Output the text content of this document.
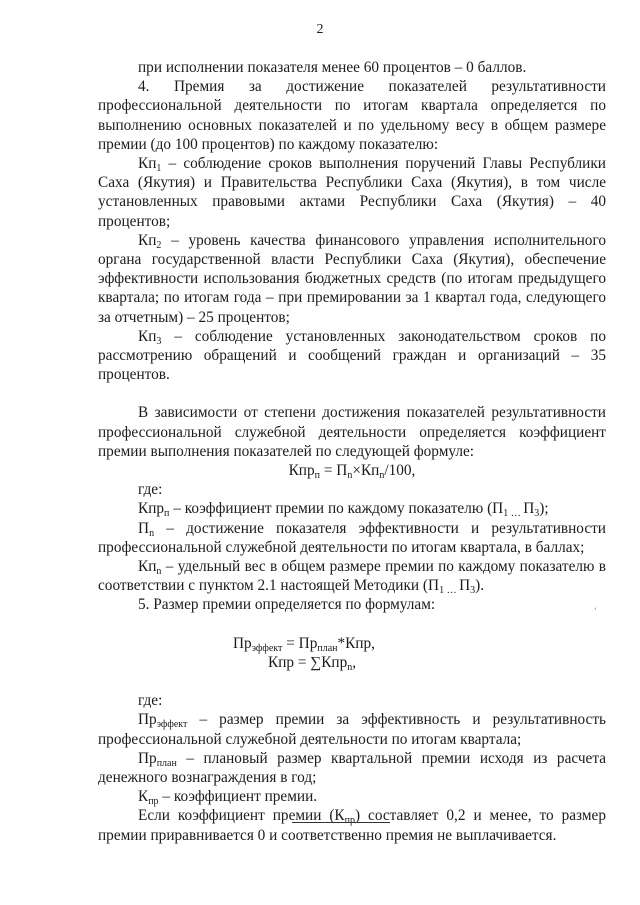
2

при исполнении показателя менее 60 процентов – 0 баллов.

4. Премия за достижение показателей результативности профессиональной деятельности по итогам квартала определяется по выполнению основных показателей и по удельному весу в общем размере премии (до 100 процентов) по каждому показателю:

$Кп_1$ – соблюдение сроков выполнения поручений Главы Республики Саха (Якутия) и Правительства Республики Саха (Якутия), в том числе установленных правовыми актами Республики Саха (Якутия) – 40 процентов;

$Кп_2$ – уровень качества финансового управления исполнительного органа государственной власти Республики Саха (Якутия), обеспечение эффективности использования бюджетных средств (по итогам предыдущего квартала; по итогам года – при премировании за 1 квартал года, следующего за отчетным) – 25 процентов;

$Кп_3$ – соблюдение установленных законодательством сроков по рассмотрению обращений и сообщений граждан и организаций – 35 процентов.

В зависимости от степени достижения показателей результативности профессиональной служебной деятельности определяется коэффициент премии выполнения показателей по следующей формуле:

$Кпр_п = П_n\times Кп_n/100$,

где:

Кпр$_п$ – коэффициент премии по каждому показателю ($П_{1 \dots}$ $П_3$);

$П_n$ – достижение показателя эффективности и результативности профессиональной служебной деятельности по итогам квартала, в баллах;

$Кп_n$ – удельный вес в общем размере премии по каждому показателю в соответствии с пунктом 2.1 настоящей Методики ($П_{1 \dots}$ $П_3$).

5. Размер премии определяется по формулам:

$Пр_{эффект} = Пр_{план}*Кпр$,

Кпр = ∑Кпр$_n$,

где:

$Пр_{эффект}$ – размер премии за эффективность и результативность профессиональной служебной деятельности по итогам квартала;

$Пр_{план}$ – плановый размер квартальной премии исходя из расчета денежного вознаграждения в год;

$К_{пр}$ – коэффициент премии.

Если коэффициент премии $(К_{пр})$ составляет 0,2 и менее, то размер премии приравнивается 0 и соответственно премия не выплачивается.

‘
